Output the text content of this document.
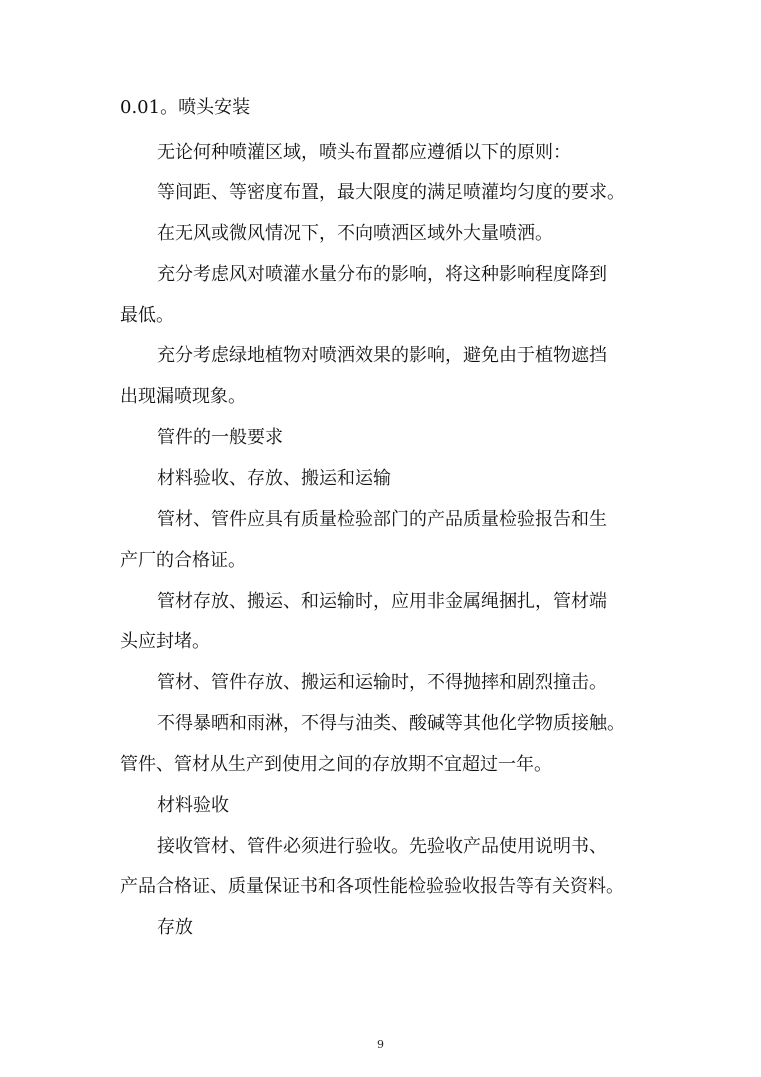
0.01。喷头安装
无论何种喷灌区域，喷头布置都应遵循以下的原则：
等间距、等密度布置，最大限度的满足喷灌均匀度的要求。
在无风或微风情况下，不向喷洒区域外大量喷洒。
充分考虑风对喷灌水量分布的影响，将这种影响程度降到
最低。
充分考虑绿地植物对喷洒效果的影响，避免由于植物遮挡
出现漏喷现象。
管件的一般要求
材料验收、存放、搬运和运输
管材、管件应具有质量检验部门的产品质量检验报告和生
产厂的合格证。
管材存放、搬运、和运输时，应用非金属绳捆扎，管材端
头应封堵。
管材、管件存放、搬运和运输时，不得抛摔和剧烈撞击。
不得暴晒和雨淋，不得与油类、酸碱等其他化学物质接触。
管件、管材从生产到使用之间的存放期不宜超过一年。
材料验收
接收管材、管件必须进行验收。先验收产品使用说明书、
产品合格证、质量保证书和各项性能检验验收报告等有关资料。
存放
9
